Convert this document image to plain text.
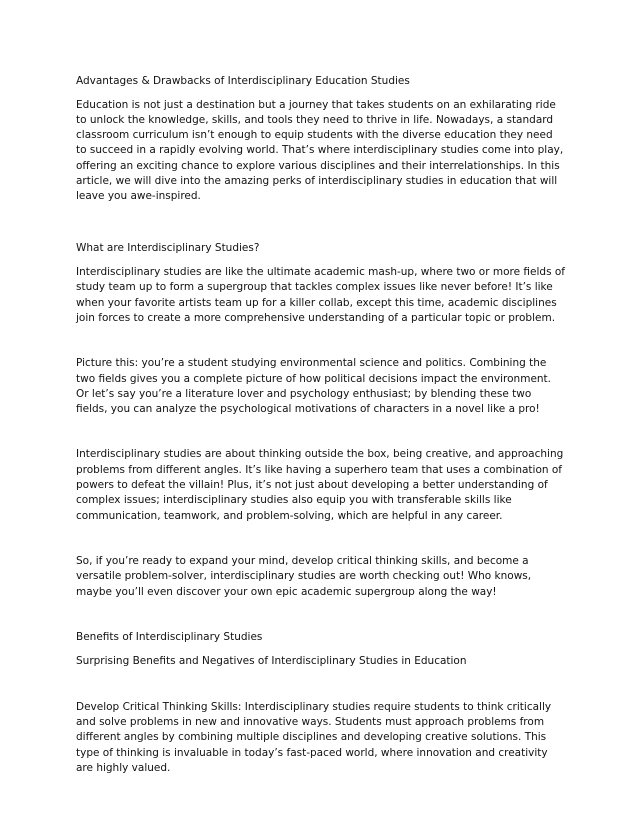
Advantages & Drawbacks of Interdisciplinary Education Studies

Education is not just a destination but a journey that takes students on an exhilarating ride to unlock the knowledge, skills, and tools they need to thrive in life. Nowadays, a standard classroom curriculum isn’t enough to equip students with the diverse education they need to succeed in a rapidly evolving world. That’s where interdisciplinary studies come into play, offering an exciting chance to explore various disciplines and their interrelationships. In this article, we will dive into the amazing perks of interdisciplinary studies in education that will leave you awe-inspired.

What are Interdisciplinary Studies?

Interdisciplinary studies are like the ultimate academic mash-up, where two or more fields of study team up to form a supergroup that tackles complex issues like never before! It’s like when your favorite artists team up for a killer collab, except this time, academic disciplines join forces to create a more comprehensive understanding of a particular topic or problem.

Picture this: you’re a student studying environmental science and politics. Combining the two fields gives you a complete picture of how political decisions impact the environment. Or let’s say you’re a literature lover and psychology enthusiast; by blending these two fields, you can analyze the psychological motivations of characters in a novel like a pro!

Interdisciplinary studies are about thinking outside the box, being creative, and approaching problems from different angles. It’s like having a superhero team that uses a combination of powers to defeat the villain! Plus, it’s not just about developing a better understanding of complex issues; interdisciplinary studies also equip you with transferable skills like communication, teamwork, and problem-solving, which are helpful in any career.

So, if you’re ready to expand your mind, develop critical thinking skills, and become a versatile problem-solver, interdisciplinary studies are worth checking out! Who knows, maybe you’ll even discover your own epic academic supergroup along the way!

Benefits of Interdisciplinary Studies

Surprising Benefits and Negatives of Interdisciplinary Studies in Education

Develop Critical Thinking Skills: Interdisciplinary studies require students to think critically and solve problems in new and innovative ways. Students must approach problems from different angles by combining multiple disciplines and developing creative solutions. This type of thinking is invaluable in today’s fast-paced world, where innovation and creativity are highly valued.
